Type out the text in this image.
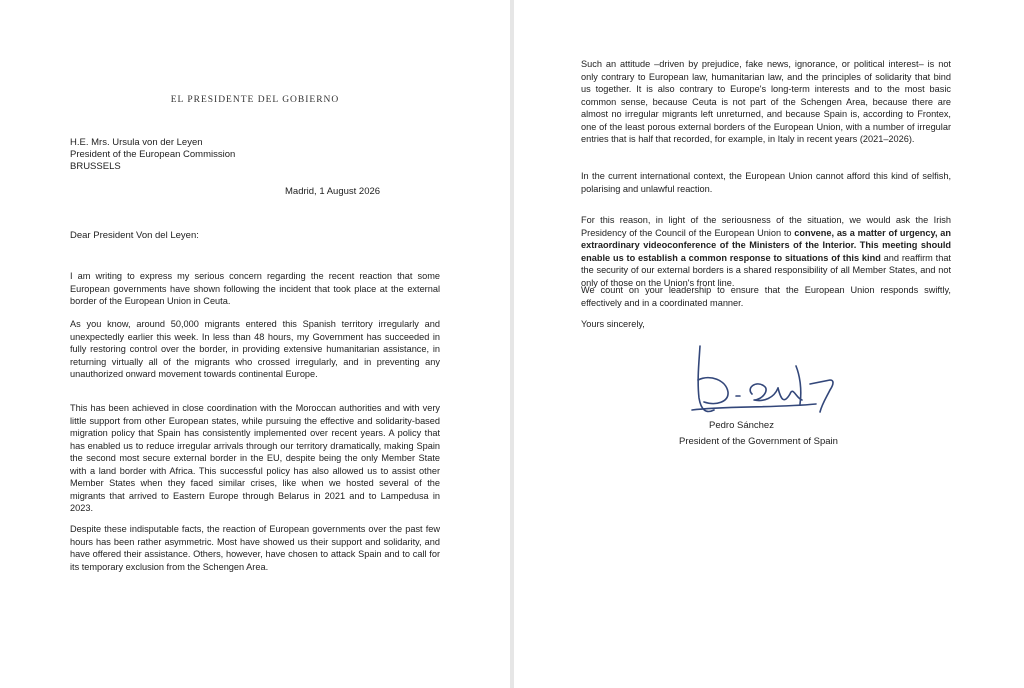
EL PRESIDENTE DEL GOBIERNO
H.E. Mrs. Ursula von der Leyen
President of the European Commission
BRUSSELS
Madrid, 1 August 2026
Dear President Von del Leyen:

I am writing to express my serious concern regarding the recent reaction that some European governments have shown following the incident that took place at the external border of the European Union in Ceuta.

As you know, around 50,000 migrants entered this Spanish territory irregularly and unexpectedly earlier this week. In less than 48 hours, my Government has succeeded in fully restoring control over the border, in providing extensive humanitarian assistance, in returning virtually all of the migrants who crossed irregularly, and in preventing any unauthorized onward movement towards continental Europe.

This has been achieved in close coordination with the Moroccan authorities and with very little support from other European states, while pursuing the effective and solidarity-based migration policy that Spain has consistently implemented over recent years. A policy that has enabled us to reduce irregular arrivals through our territory dramatically, making Spain the second most secure external border in the EU, despite being the only Member State with a land border with Africa. This successful policy has also allowed us to assist other Member States when they faced similar crises, like when we hosted several of the migrants that arrived to Eastern Europe through Belarus in 2021 and to Lampedusa in 2023.

Despite these indisputable facts, the reaction of European governments over the past few hours has been rather asymmetric. Most have showed us their support and solidarity, and have offered their assistance. Others, however, have chosen to attack Spain and to call for its temporary exclusion from the Schengen Area.

Such an attitude –driven by prejudice, fake news, ignorance, or political interest– is not only contrary to European law, humanitarian law, and the principles of solidarity that bind us together. It is also contrary to Europe's long-term interests and to the most basic common sense, because Ceuta is not part of the Schengen Area, because there are almost no irregular migrants left unreturned, and because Spain is, according to Frontex, one of the least porous external borders of the European Union, with a number of irregular entries that is half that recorded, for example, in Italy in recent years (2021–2026).

In the current international context, the European Union cannot afford this kind of selfish, polarising and unlawful reaction.

For this reason, in light of the seriousness of the situation, we would ask the Irish Presidency of the Council of the European Union to convene, as a matter of urgency, an extraordinary videoconference of the Ministers of the Interior. This meeting should enable us to establish a common response to situations of this kind and reaffirm that the security of our external borders is a shared responsibility of all Member States, and not only of those on the Union's front line.

We count on your leadership to ensure that the European Union responds swiftly, effectively and in a coordinated manner.

Yours sincerely,

Pedro Sánchez
President of the Government of Spain
